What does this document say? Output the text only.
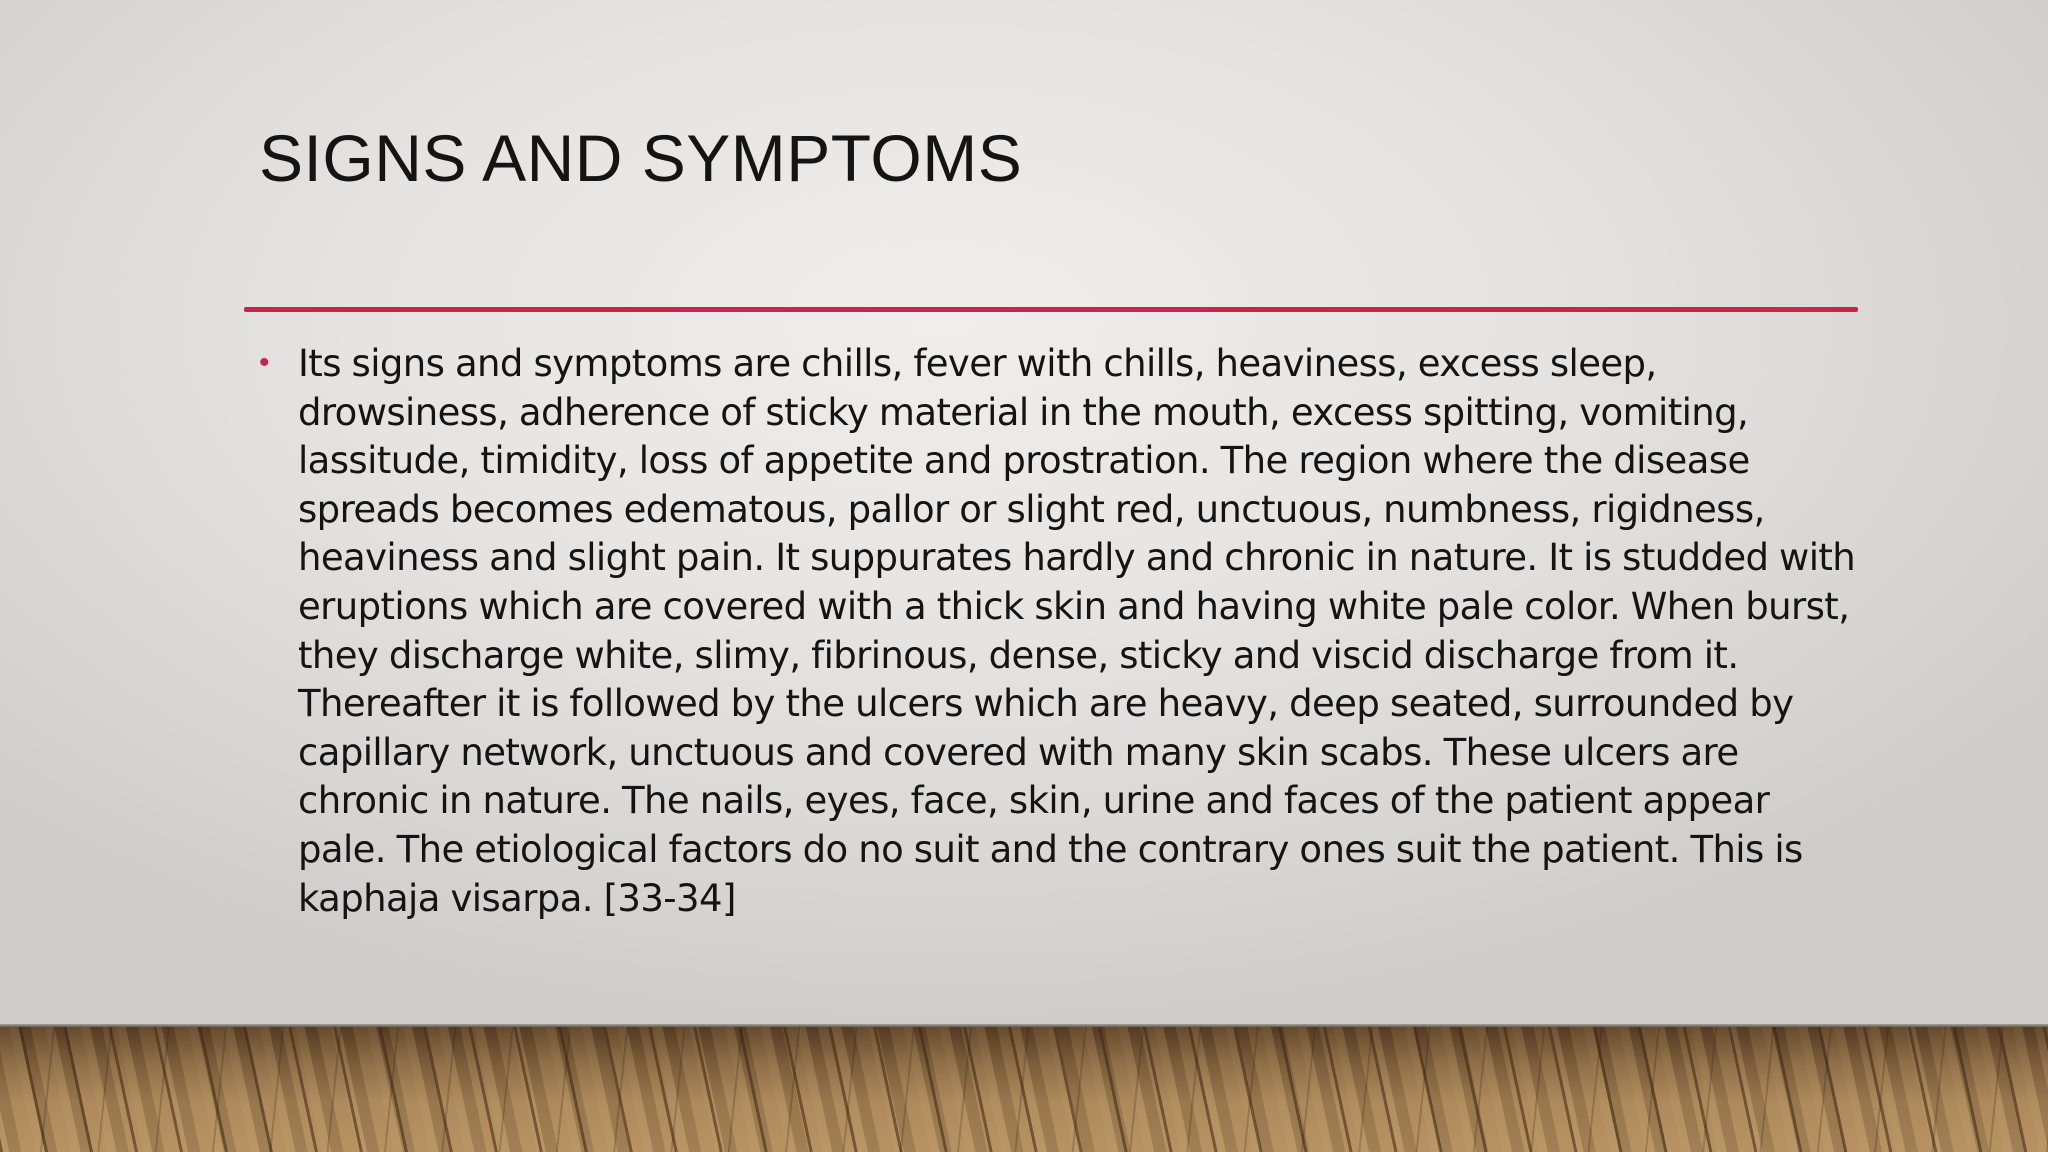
SIGNS AND SYMPTOMS
• Its signs and symptoms are chills, fever with chills, heaviness, excess sleep, drowsiness, adherence of sticky material in the mouth, excess spitting, vomiting, lassitude, timidity, loss of appetite and prostration. The region where the disease spreads becomes edematous, pallor or slight red, unctuous, numbness, rigidness, heaviness and slight pain. It suppurates hardly and chronic in nature. It is studded with eruptions which are covered with a thick skin and having white pale color. When burst, they discharge white, slimy, fibrinous, dense, sticky and viscid discharge from it. Thereafter it is followed by the ulcers which are heavy, deep seated, surrounded by capillary network, unctuous and covered with many skin scabs. These ulcers are chronic in nature. The nails, eyes, face, skin, urine and faces of the patient appear pale. The etiological factors do no suit and the contrary ones suit the patient. This is kaphaja visarpa. [33-34]
